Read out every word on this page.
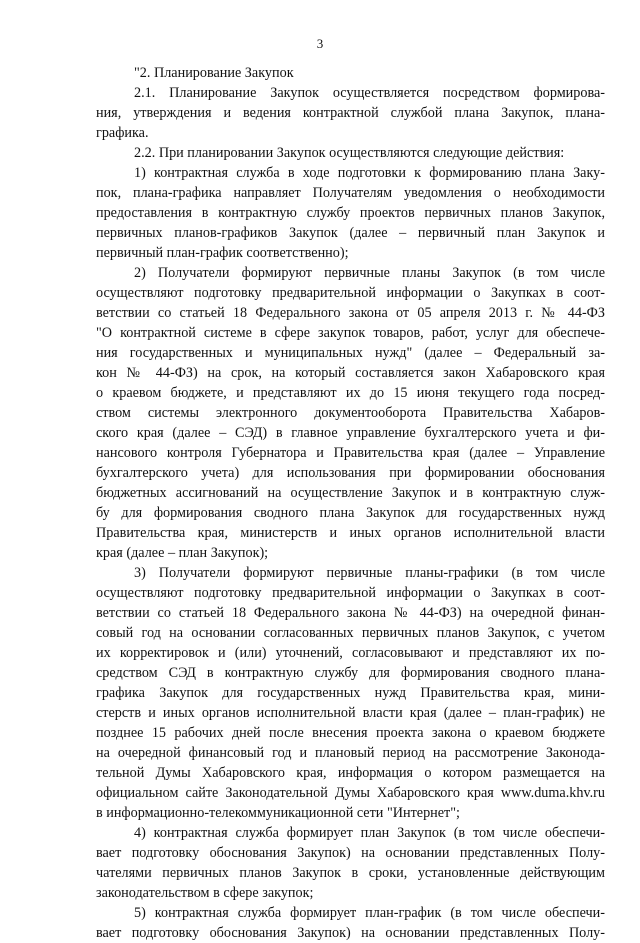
3
"2. Планирование Закупок
2.1. Планирование Закупок осуществляется посредством формирова-
ния, утверждения и ведения контрактной службой плана Закупок, плана-
графика.
2.2. При планировании Закупок осуществляются следующие действия:
1) контрактная служба в ходе подготовки к формированию плана Заку-
пок, плана-графика направляет Получателям уведомления о необходимости
предоставления в контрактную службу проектов первичных планов Закупок,
первичных планов-графиков Закупок (далее – первичный план Закупок и
первичный план-график соответственно);
2) Получатели формируют первичные планы Закупок (в том числе
осуществляют подготовку предварительной информации о Закупках в соот-
ветствии со статьей 18 Федерального закона от 05 апреля 2013 г. № 44-ФЗ
"О контрактной системе в сфере закупок товаров, работ, услуг для обеспече-
ния государственных и муниципальных нужд" (далее – Федеральный за-
кон № 44-ФЗ) на срок, на который составляется закон Хабаровского края
о краевом бюджете, и представляют их до 15 июня текущего года посред-
ством системы электронного документооборота Правительства Хабаров-
ского края (далее – СЭД) в главное управление бухгалтерского учета и фи-
нансового контроля Губернатора и Правительства края (далее – Управление
бухгалтерского учета) для использования при формировании обоснования
бюджетных ассигнований на осуществление Закупок и в контрактную служ-
бу для формирования сводного плана Закупок для государственных нужд
Правительства края, министерств и иных органов исполнительной власти
края (далее – план Закупок);
3) Получатели формируют первичные планы-графики (в том числе
осуществляют подготовку предварительной информации о Закупках в соот-
ветствии со статьей 18 Федерального закона № 44-ФЗ) на очередной финан-
совый год на основании согласованных первичных планов Закупок, с учетом
их корректировок и (или) уточнений, согласовывают и представляют их по-
средством СЭД в контрактную службу для формирования сводного плана-
графика Закупок для государственных нужд Правительства края, мини-
стерств и иных органов исполнительной власти края (далее – план-график) не
позднее 15 рабочих дней после внесения проекта закона о краевом бюджете
на очередной финансовый год и плановый период на рассмотрение Законода-
тельной Думы Хабаровского края, информация о котором размещается на
официальном сайте Законодательной Думы Хабаровского края www.duma.khv.ru
в информационно-телекоммуникационной сети "Интернет";
4) контрактная служба формирует план Закупок (в том числе обеспечи-
вает подготовку обоснования Закупок) на основании представленных Полу-
чателями первичных планов Закупок в сроки, установленные действующим
законодательством в сфере закупок;
5) контрактная служба формирует план-график (в том числе обеспечи-
вает подготовку обоснования Закупок) на основании представленных Полу-
